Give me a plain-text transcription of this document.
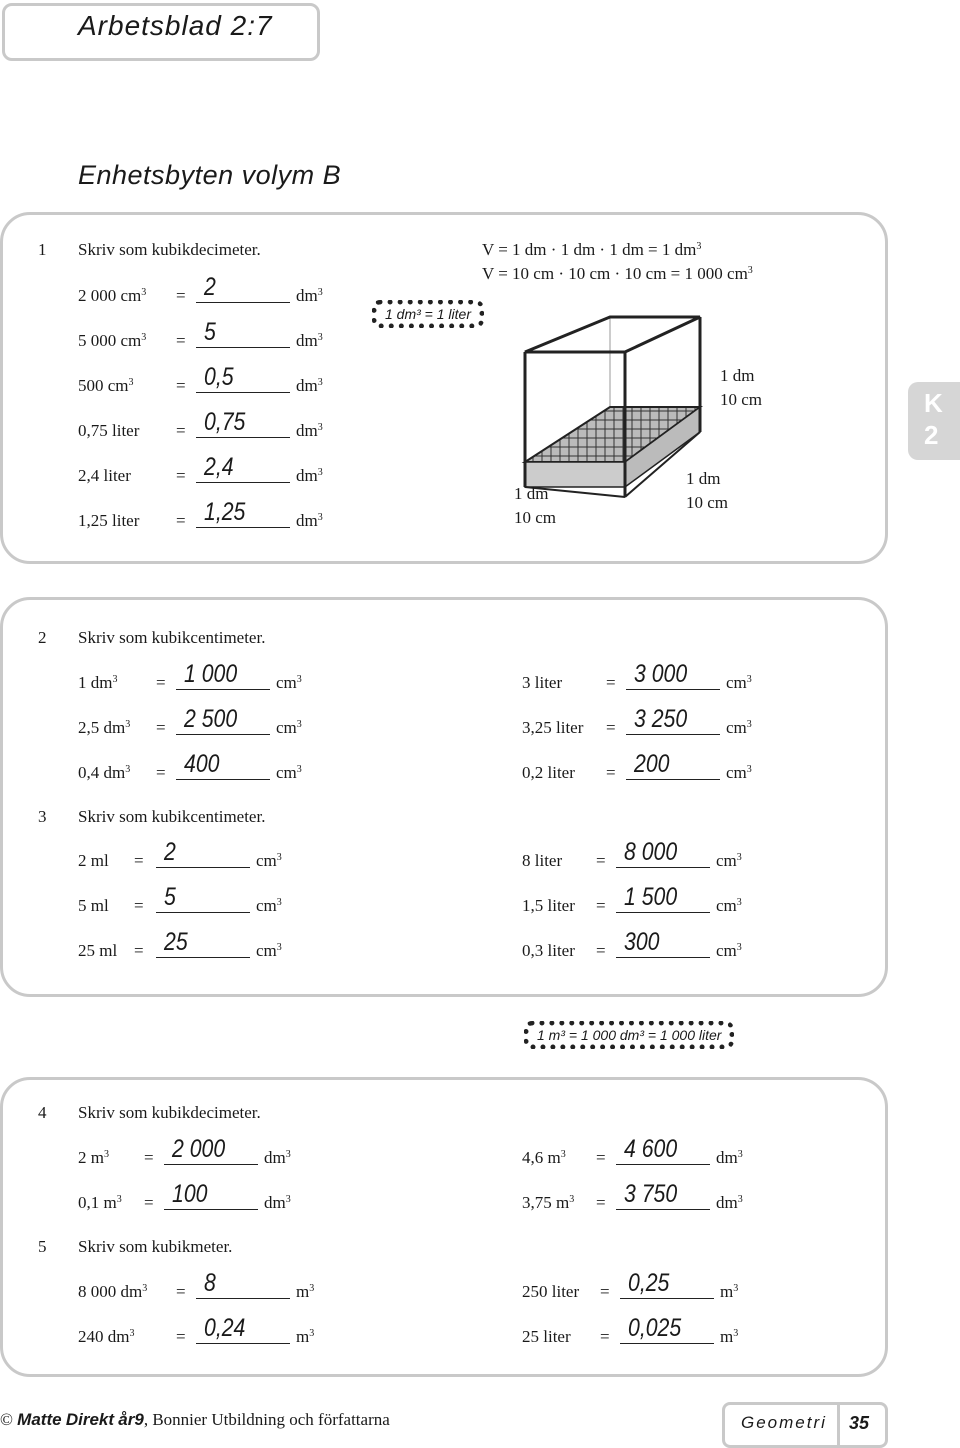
Arbetsblad 2:7
Enhetsbyten volym B
K
2
1 Skriv som kubikdecimeter.
2 000 $cm^3 = 2$	$dm^3$
5 000 $cm^3 = 5$	$dm^3$
500 $cm^3 = 0,5$	$dm^3$
0,75 liter = 0,75	$dm^3$
2,4 liter	= 2,4	$dm^3$
1,25 liter = 1,25	$dm^3$
V = 1 dm · 1 dm · 1 dm = 1 $dm^3$
V = 10 cm · 10 cm · 10 cm = 1 000 $cm^3$
1 dm³ = 1 liter
1 dm
10 cm
1 dm
10 cm
1 dm
10 cm
2 Skriv som kubikcentimeter.
1 $dm^3 = 1$ 000 $cm^3$
2,5 $dm^3 = 2$ 500 $cm^3$
0,4 $dm^3 = 400$	$cm^3$
3 liter	= 3 000 $cm^3$
3,25 liter = 3 250 $cm^3$
0,2 liter = 200	$cm^3$
3 Skriv som kubikcentimeter.
2 ml = 2	$cm^3$
5 ml = 5	$cm^3$
25 ml = 25	$cm^3$
8 liter = 8 000 $cm^3$
1,5 liter = 1 500 $cm^3$
0,3 liter = 300	$cm^3$
1 m³ = 1 000 dm³ = 1 000 liter
4 Skriv som kubikdecimeter.
2 $m^3 = 2$ 000 $dm^3$
0,1 $m^3 = 100$	$dm^3$
4,6 $m^3 = 4$ 600 $dm^3$
3,75 $m^3 = 3$ 750 $dm^3$
5 Skriv som kubikmeter.
8 000 $dm^3 = 8$	$m^3$
240 $dm^3 = 0,24$	$m^3$
250 liter = 0,25	$m^3$
25 liter = 0,025 $m^3$
© Matte Direkt år9, Bonnier Utbildning och författarna	Geometri 35
